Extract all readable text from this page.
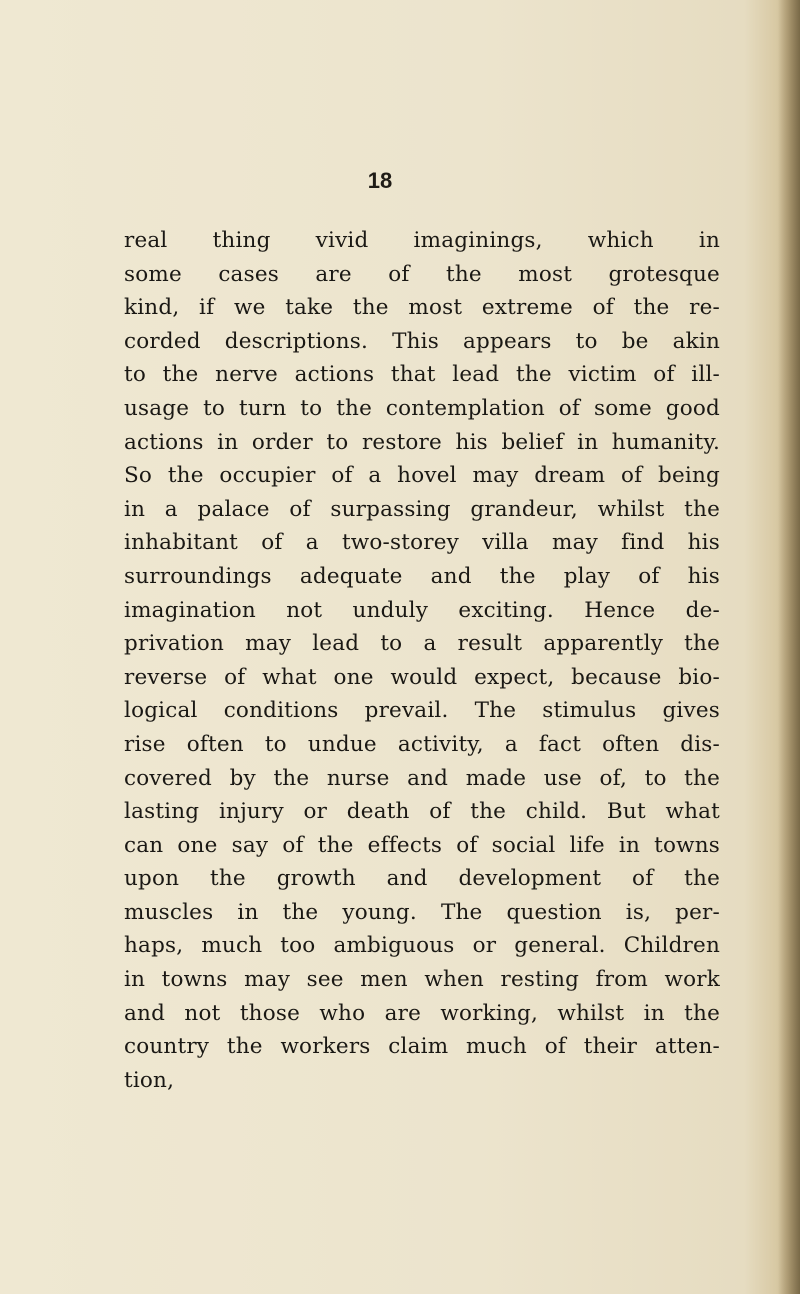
18
real thing vivid imaginings, which in
some cases are of the most grotesque
kind, if we take the most extreme of the re-
corded descriptions. This appears to be akin
to the nerve actions that lead the victim of ill-
usage to turn to the contemplation of some good
actions in order to restore his belief in humanity.
So the occupier of a hovel may dream of being
in a palace of surpassing grandeur, whilst the
inhabitant of a two-storey villa may find his
surroundings adequate and the play of his
imagination not unduly exciting. Hence de-
privation may lead to a result apparently the
reverse of what one would expect, because bio-
logical conditions prevail. The stimulus gives
rise often to undue activity, a fact often dis-
covered by the nurse and made use of, to the
lasting injury or death of the child. But what
can one say of the effects of social life in towns
upon the growth and development of the
muscles in the young. The question is, per-
haps, much too ambiguous or general. Children
in towns may see men when resting from work
and not those who are working, whilst in the
country the workers claim much of their atten-
tion,
